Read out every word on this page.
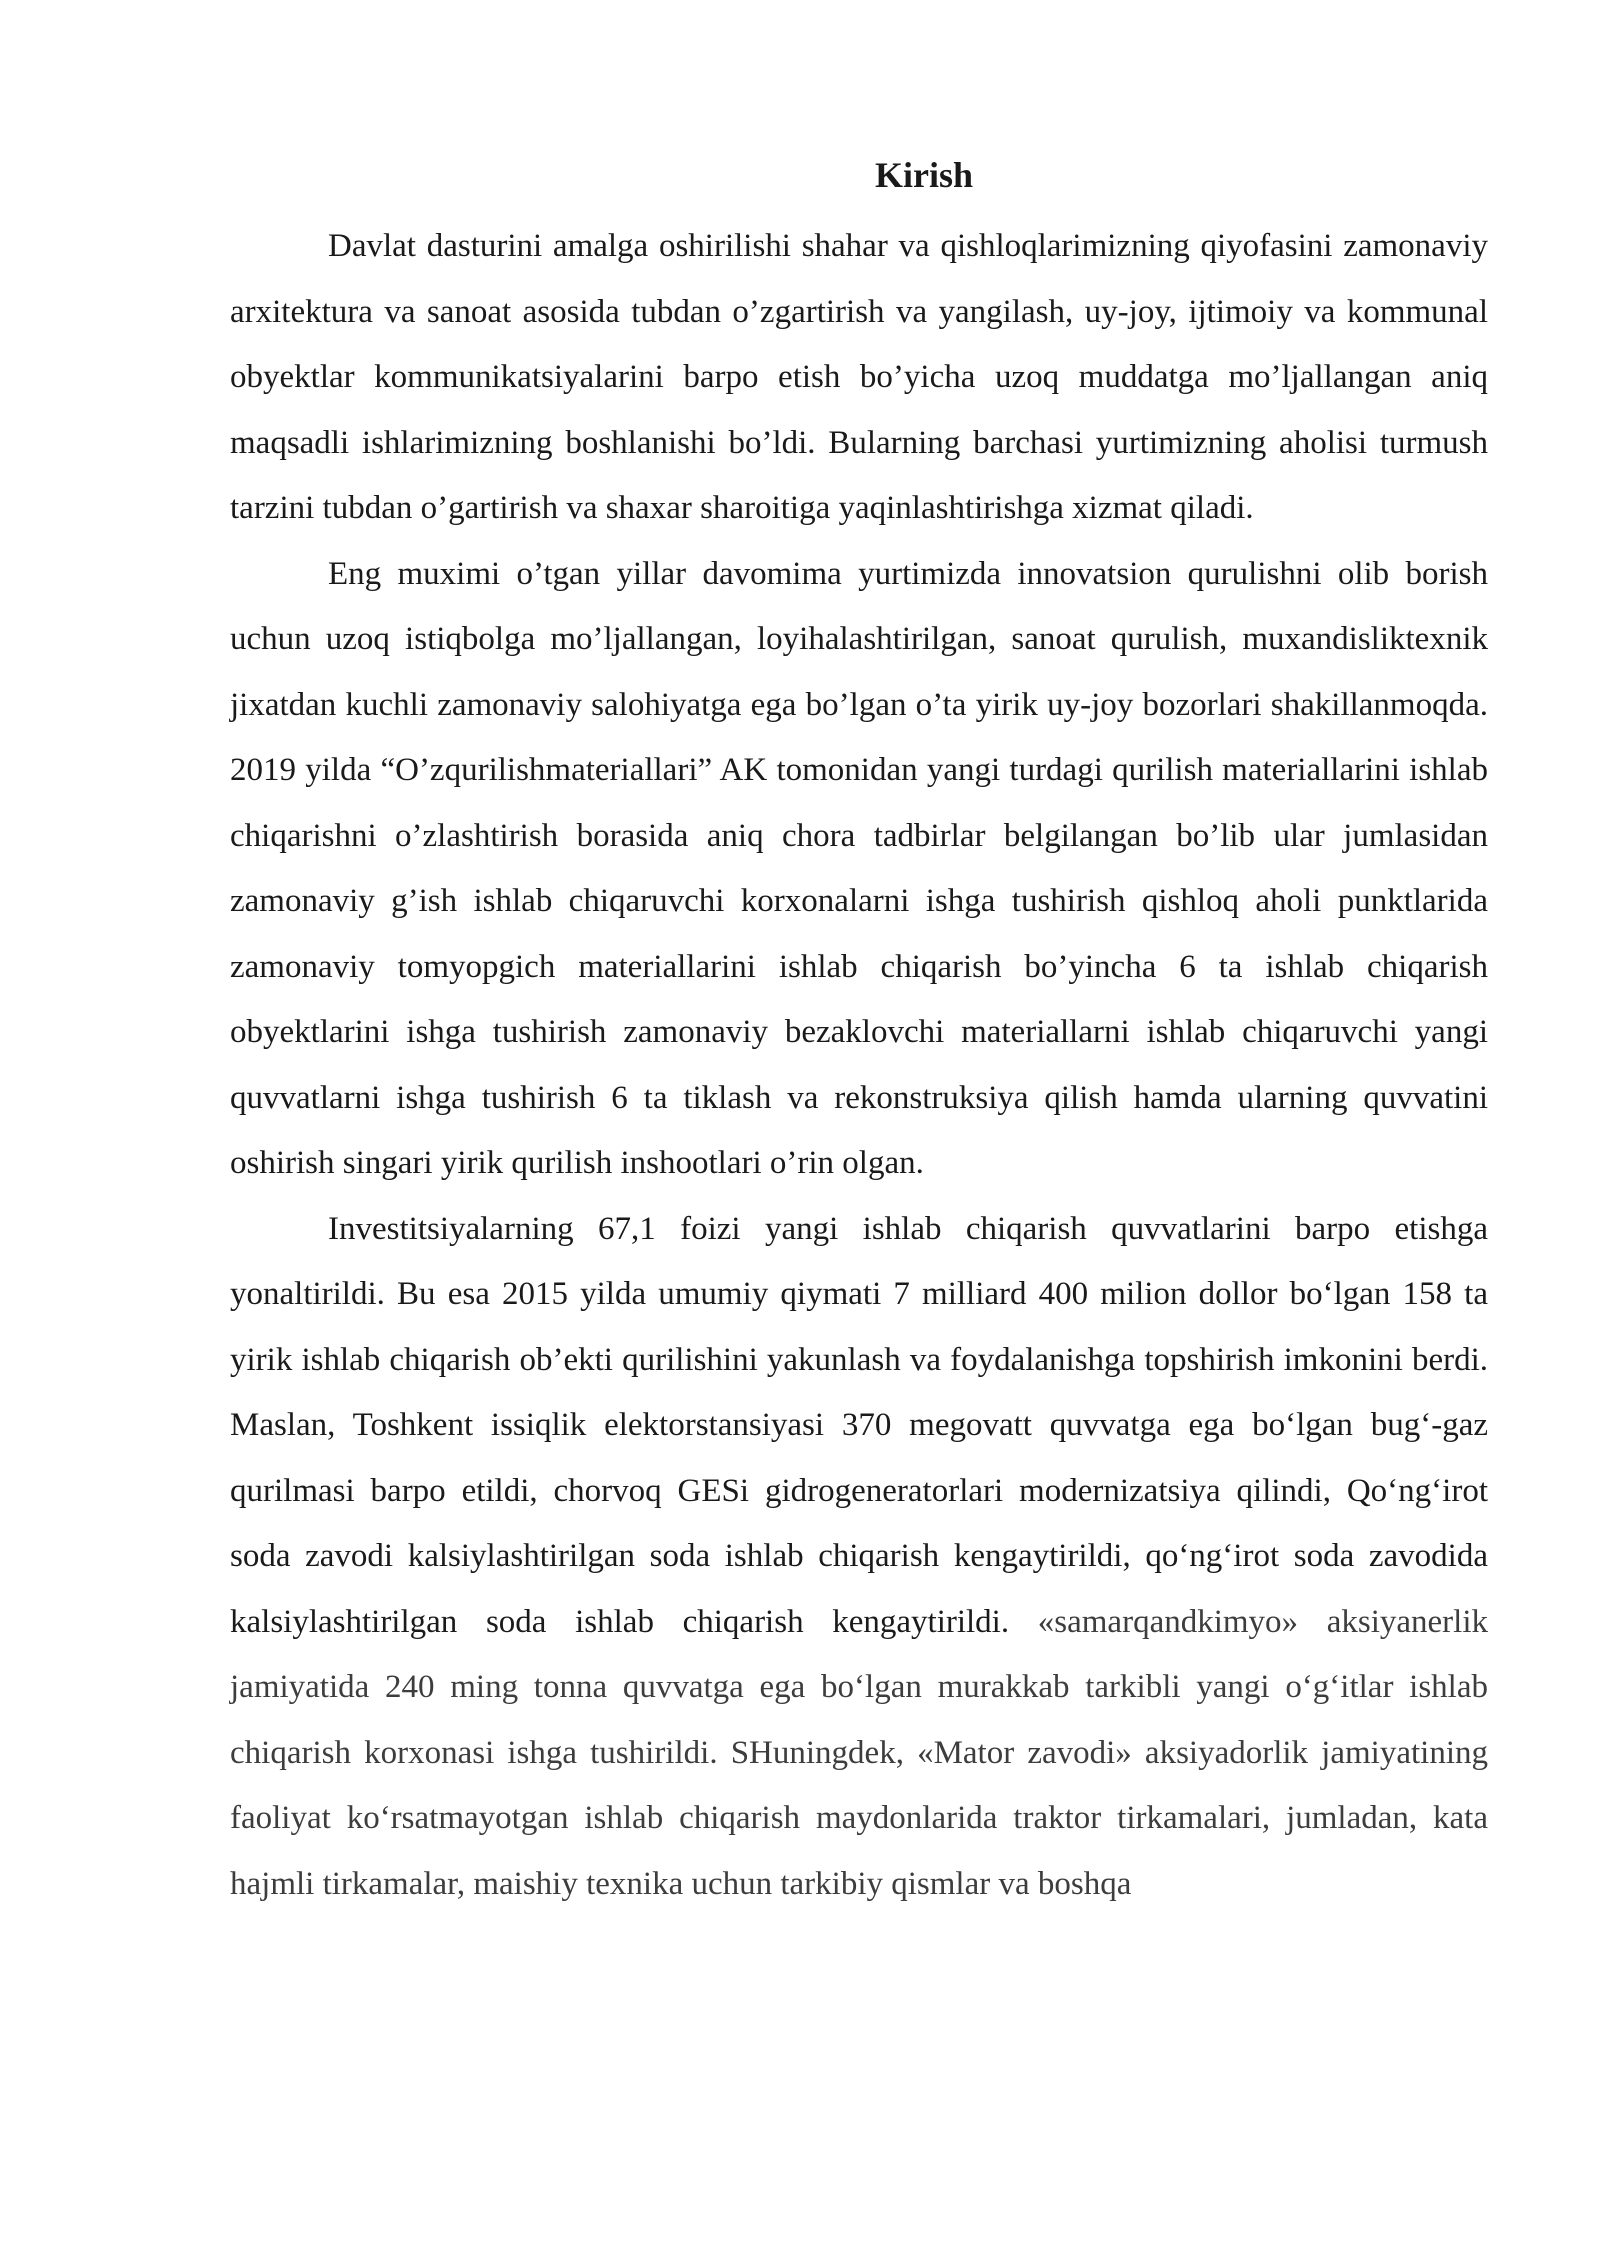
Kirish

Davlat dasturini amalga oshirilishi shahar va qishloqlarimizning qiyofasini zamonaviy arxitektura va sanoat asosida tubdan o’zgartirish va yangilash, uy-joy, ijtimoiy va kommunal obyektlar kommunikatsiyalarini barpo etish bo’yicha uzoq muddatga mo’ljallangan aniq maqsadli ishlarimizning boshlanishi bo’ldi. Bularning barchasi yurtimizning aholisi turmush tarzini tubdan o’gartirish va shaxar sharoitiga yaqinlashtirishga xizmat qiladi.

Eng muximi o’tgan yillar davomima yurtimizda innovatsion qurulishni olib borish uchun uzoq istiqbolga mo’ljallangan, loyihalashtirilgan, sanoat qurulish, muxandisliktexnik jixatdan kuchli zamonaviy salohiyatga ega bo’lgan o’ta yirik uy-joy bozorlari shakillanmoqda. 2019 yilda “O’zqurilishmateriallari” AK tomonidan yangi turdagi qurilish materiallarini ishlab chiqarishni o’zlashtirish borasida aniq chora tadbirlar belgilangan bo’lib ular jumlasidan zamonaviy g’ish ishlab chiqaruvchi korxonalarni ishga tushirish qishloq aholi punktlarida zamonaviy tomyopgich materiallarini ishlab chiqarish bo’yincha 6 ta ishlab chiqarish obyektlarini ishga tushirish zamonaviy bezaklovchi materiallarni ishlab chiqaruvchi yangi quvvatlarni ishga tushirish 6 ta tiklash va rekonstruksiya qilish hamda ularning quvvatini oshirish singari yirik qurilish inshootlari o’rin olgan.

Investitsiyalarning 67,1 foizi yangi ishlab chiqarish quvvatlarini barpo etishga yonaltirildi. Bu esa 2015 yilda umumiy qiymati 7 milliard 400 milion dollor bo‘lgan 158 ta yirik ishlab chiqarish ob’ekti qurilishini yakunlash va foydalanishga topshirish imkonini berdi. Maslan, Toshkent issiqlik elektorstansiyasi 370 megovatt quvvatga ega bo‘lgan bug‘-gaz qurilmasi barpo etildi, chorvoq GESi gidrogeneratorlari modernizatsiya qilindi, Qo‘ng‘irot soda zavodi kalsiylashtirilgan soda ishlab chiqarish kengaytirildi, qo‘ng‘irot soda zavodida kalsiylashtirilgan soda ishlab chiqarish kengaytirildi. «samarqandkimyo» aksiyanerlik jamiyatida 240 ming tonna quvvatga ega bo‘lgan murakkab tarkibli yangi o‘g‘itlar ishlab chiqarish korxonasi ishga tushirildi. SHuningdek, «Mator zavodi» aksiyadorlik jamiyatining faoliyat ko‘rsatmayotgan ishlab chiqarish maydonlarida traktor tirkamalari, jumladan, kata hajmli tirkamalar, maishiy texnika uchun tarkibiy qismlar va boshqa
